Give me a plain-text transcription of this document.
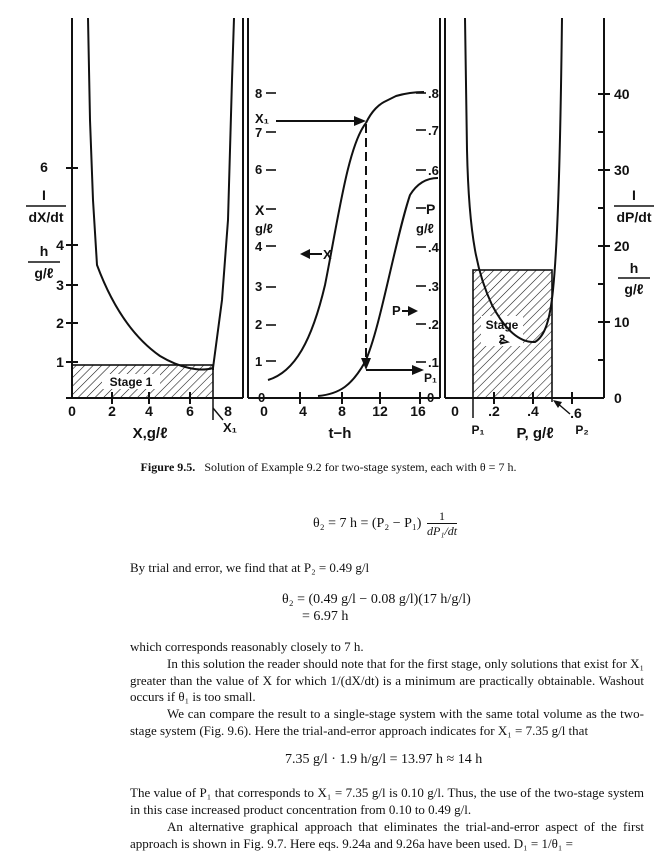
6
4
3
2
1
I
dX/dt
h
g/ℓ
0 2 4 6 8
X,g/ℓ
Stage 1
X₁
0
1
2
3
4
6
7
8
X
g/ℓ
X₁
.8
.7
.6
.4
.3
.2
.1
0
P
g/ℓ
P₁
X
P
0 4 8 12 16
t−h
Stage
2
40
30
20
10
0
I
dP/dt
h
g/ℓ
0 .2 .4 .6
P, g/ℓ
P₁	P₂
Figure 9.5. Solution of Example 9.2 for two-stage system, each with θ = 7 h.
θ₂ = 7 $h = (P_2 - P_1) \frac{1}{\text{dP₁/dt}}$
By trial and error, we find that at P₂ = 0.49 g/l
θ₂ = (0.49 g/l − 0.08 g/l)(17 h/g/l)
= 6.97 h
which corresponds reasonably closely to 7 h.
In this solution the reader should note that for the first stage, only solutions that exist for X₁ greater than the value of X for which 1/(dX/dt) is a minimum are practically obtainable. Washout occurs if θ₁ is too small.
We can compare the result to a single-stage system with the same total volume as the two-stage system (Fig. 9.6). Here the trial-and-error approach indicates for X₁ = 7.35 g/l that
7.35 g/l · 1.9 h/g/l = 13.97 h ≈ 14 h
The value of P₁ that corresponds to X₁ = 7.35 g/l is 0.10 g/l. Thus, the use of the two-stage system in this case increased product concentration from 0.10 to 0.49 g/l.
An alternative graphical approach that eliminates the trial-and-error aspect of the first approach is shown in Fig. 9.7. Here eqs. 9.24a and 9.26a have been used. D₁ = 1/θ₁ =
